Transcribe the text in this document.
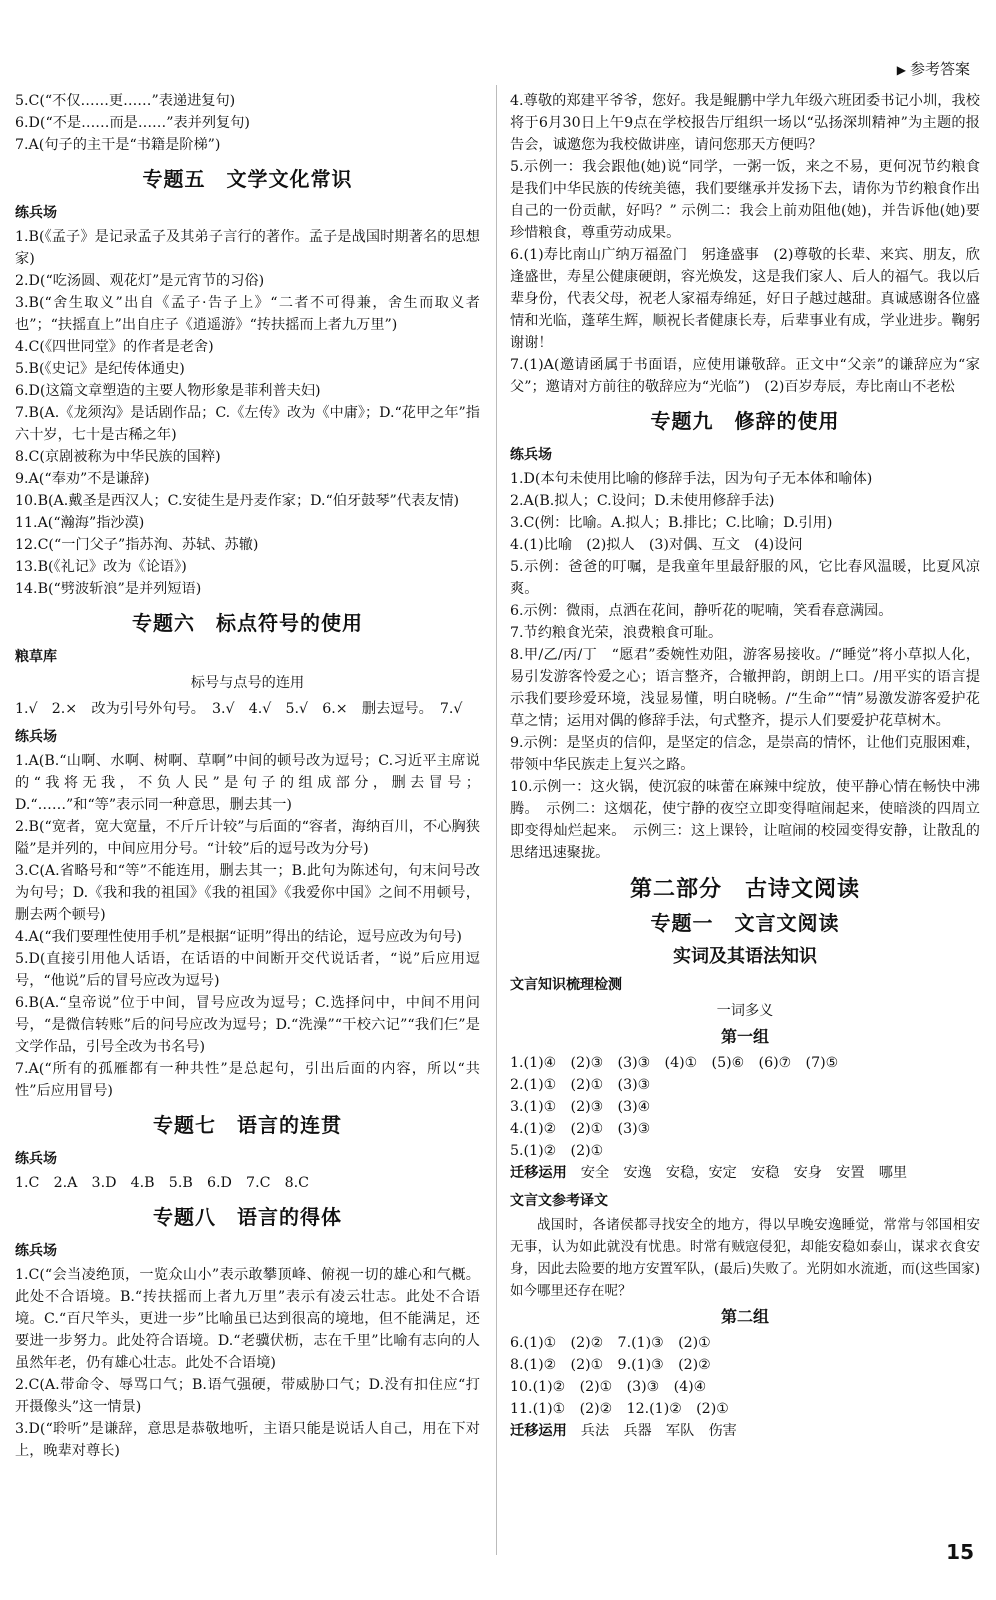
▶ 参考答案

5.C(“不仅……更……”表递进复句)

6.D(“不是……而是……”表并列复句)

7.A(句子的主干是“书籍是阶梯”)

专题五　文学文化常识
练兵场

1.B(《孟子》是记录孟子及其弟子言行的著作。孟子是战国时期著名的思想家)

2.D(“吃汤圆、观花灯”是元宵节的习俗)

3.B(“舍生取义”出自《孟子·告子上》“二者不可得兼，舍生而取义者也”；“扶摇直上”出自庄子《逍遥游》“抟扶摇而上者九万里”)

4.C(《四世同堂》的作者是老舍)

5.B(《史记》是纪传体通史)

6.D(这篇文章塑造的主要人物形象是菲利普夫妇)

7.B(A.《龙须沟》是话剧作品；C.《左传》改为《中庸》；D.“花甲之年”指六十岁，七十是古稀之年)

8.C(京剧被称为中华民族的国粹)

9.A(“奉劝”不是谦辞)

10.B(A.戴圣是西汉人；C.安徒生是丹麦作家；D.“伯牙鼓琴”代表友情)

11.A(“瀚海”指沙漠)

12.C(“一门父子”指苏洵、苏轼、苏辙)

13.B(《礼记》改为《论语》)

14.B(“劈波斩浪”是并列短语)

专题六　标点符号的使用
粮草库
标号与点号的连用

1.√　2.×　改为引号外句号。　3.√　4.√　5.√　6.×　删去逗号。　7.√

练兵场

1.A(B.“山啊、水啊、树啊、草啊”中间的顿号改为逗号；C.习近平主席说的“我将无我，不负人民”是句子的组成部分，删去冒号；D.“……”和“等”表示同一种意思，删去其一)

2.B(“宽者，宽大宽量，不斤斤计较”与后面的“容者，海纳百川，不心胸狭隘”是并列的，中间应用分号。“计较”后的逗号改为分号)

3.C(A.省略号和“等”不能连用，删去其一；B.此句为陈述句，句末问号改为句号；D.《我和我的祖国》《我的祖国》《我爱你中国》之间不用顿号，删去两个顿号)

4.A(“我们要理性使用手机”是根据“证明”得出的结论，逗号应改为句号)

5.D(直接引用他人话语，在话语的中间断开交代说话者，“说”后应用逗号，“他说”后的冒号应改为逗号)

6.B(A.“皇帝说”位于中间，冒号应改为逗号；C.选择问中，中间不用问号，“是微信转账”后的问号应改为逗号；D.“洗澡”“干校六记”“我们仨”是文学作品，引号全改为书名号)

7.A(“所有的孤雁都有一种共性”是总起句，引出后面的内容，所以“共性”后应用冒号)

专题七　语言的连贯
练兵场

1.C　2.A　3.D　4.B　5.B　6.D　7.C　8.C

专题八　语言的得体
练兵场

1.C(“会当凌绝顶，一览众山小”表示敢攀顶峰、俯视一切的雄心和气概。此处不合语境。B.“抟扶摇而上者九万里”表示有凌云壮志。此处不合语境。C.“百尺竿头，更进一步”比喻虽已达到很高的境地，但不能满足，还要进一步努力。此处符合语境。D.“老骥伏枥，志在千里”比喻有志向的人虽然年老，仍有雄心壮志。此处不合语境)

2.C(A.带命令、辱骂口气；B.语气强硬，带威胁口气；D.没有扣住应“打开摄像头”这一情景)

3.D(“聆听”是谦辞，意思是恭敬地听，主语只能是说话人自己，用在下对上，晚辈对尊长)

4.尊敬的郑建平爷爷，您好。我是鲲鹏中学九年级六班团委书记小圳，我校将于6月30日上午9点在学校报告厅组织一场以“弘扬深圳精神”为主题的报告会，诚邀您为我校做讲座，请问您那天方便吗？

5.示例一：我会跟他(她)说“同学，一粥一饭，来之不易，更何况节约粮食是我们中华民族的传统美德，我们要继承并发扬下去，请你为节约粮食作出自己的一份贡献，好吗？” 示例二：我会上前劝阻他(她)，并告诉他(她)要珍惜粮食，尊重劳动成果。

6.(1)寿比南山广纳万福盈门　躬逢盛事　(2)尊敬的长辈、来宾、朋友，欣逢盛世，寿星公健康硬朗，容光焕发，这是我们家人、后人的福气。我以后辈身份，代表父母，祝老人家福寿绵延，好日子越过越甜。真诚感谢各位盛情和光临，蓬荜生辉，顺祝长者健康长寿，后辈事业有成，学业进步。鞠躬谢谢！

7.(1)A(邀请函属于书面语，应使用谦敬辞。正文中“父亲”的谦辞应为“家父”；邀请对方前往的敬辞应为“光临”)　(2)百岁寿辰，寿比南山不老松

专题九　修辞的使用
练兵场

1.D(本句未使用比喻的修辞手法，因为句子无本体和喻体)

2.A(B.拟人；C.设问；D.未使用修辞手法)

3.C(例：比喻。A.拟人；B.排比；C.比喻；D.引用)

4.(1)比喻　(2)拟人　(3)对偶、互文　(4)设问

5.示例：爸爸的叮嘱，是我童年里最舒服的风，它比春风温暖，比夏风凉爽。

6.示例：微雨，点洒在花间，静听花的呢喃，笑看春意满园。

7.节约粮食光荣，浪费粮食可耻。

8.甲/乙/丙/丁　“愿君”委婉性劝阻，游客易接收。/“睡觉”将小草拟人化，易引发游客怜爱之心；语言整齐，合辙押韵，朗朗上口。/用平实的语言提示我们要珍爱环境，浅显易懂，明白晓畅。/“生命”“情”易激发游客爱护花草之情；运用对偶的修辞手法，句式整齐，提示人们要爱护花草树木。

9.示例：是坚贞的信仰，是坚定的信念，是崇高的情怀，让他们克服困难，带领中华民族走上复兴之路。

10.示例一：这火锅，使沉寂的味蕾在麻辣中绽放，使平静心情在畅快中沸腾。　示例二：这烟花，使宁静的夜空立即变得喧闹起来，使暗淡的四周立即变得灿烂起来。　示例三：这上课铃，让喧闹的校园变得安静，让散乱的思绪迅速聚拢。

第二部分　古诗文阅读
专题一　文言文阅读
实词及其语法知识
文言知识梳理检测
一词多义
第一组

1.(1)④　(2)③　(3)③　(4)①　(5)⑥　(6)⑦　(7)⑤

2.(1)①　(2)①　(3)③

3.(1)①　(2)③　(3)④

4.(1)②　(2)①　(3)③

5.(1)②　(2)①

迁移运用 安全　安逸　安稳，安定　安稳　安身　安置　哪里

文言文参考译文

战国时，各诸侯都寻找安全的地方，得以早晚安逸睡觉，常常与邻国相安无事，认为如此就没有忧患。时常有贼寇侵犯，却能安稳如泰山，谋求衣食安身，因此去险要的地方安置军队，(最后)失败了。光阴如水流逝，而(这些国家)如今哪里还存在呢？

第二组

6.(1)①　(2)②　7.(1)③　(2)①

8.(1)②　(2)①　9.(1)③　(2)②

10.(1)②　(2)①　(3)③　(4)④

11.(1)①　(2)②　12.(1)②　(2)①

迁移运用 兵法　兵器　军队　伤害

15
